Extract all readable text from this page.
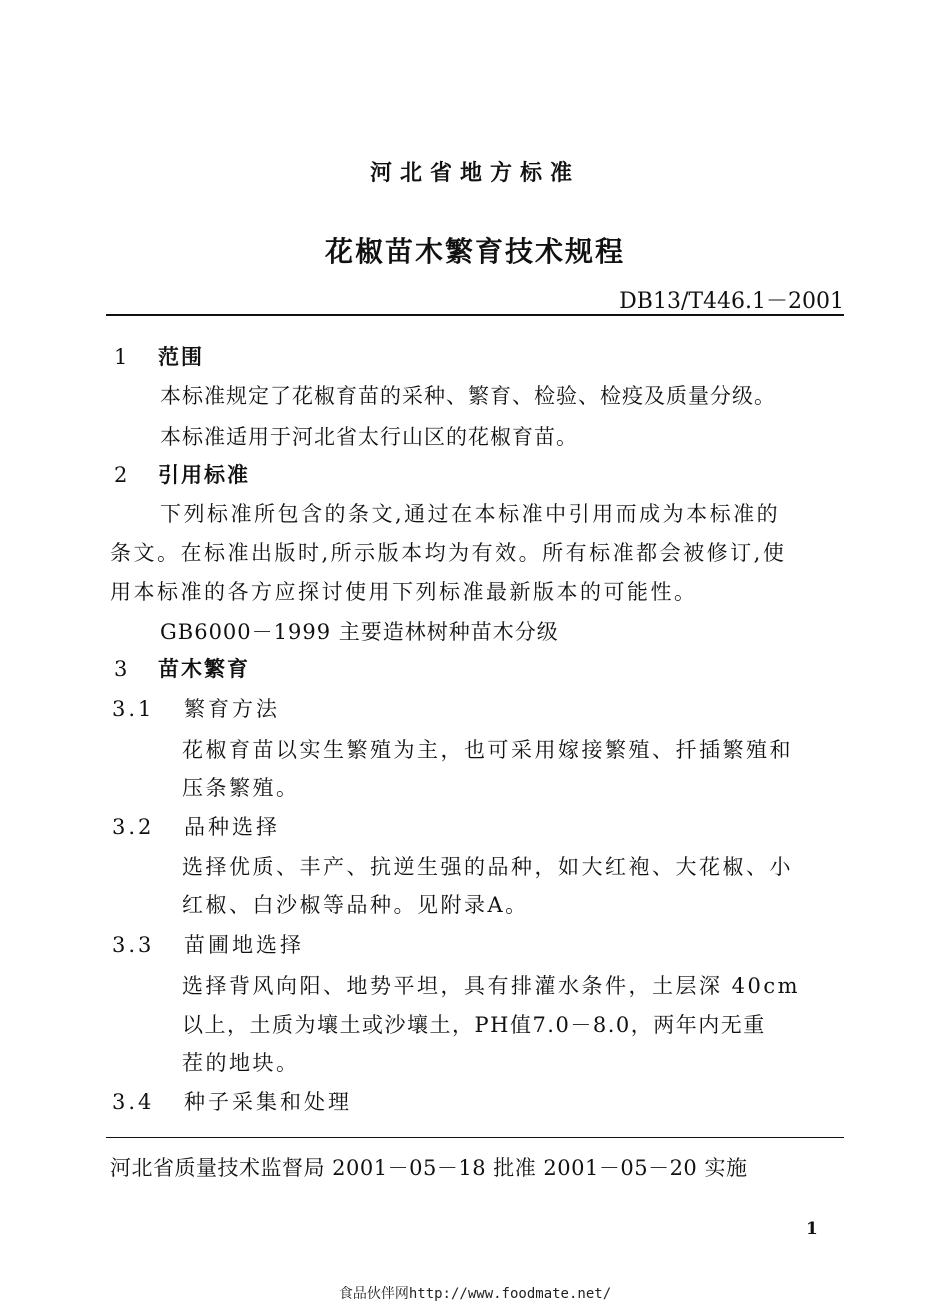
河北省地方标准
花椒苗木繁育技术规程
DB13/T446.1－2001
1 范围
本标准规定了花椒育苗的采种、繁育、检验、检疫及质量分级。
本标准适用于河北省太行山区的花椒育苗。
2 引用标准
下列标准所包含的条文,通过在本标准中引用而成为本标准的
条文。在标准出版时,所示版本均为有效。所有标准都会被修订,使
用本标准的各方应探讨使用下列标准最新版本的可能性。
GB6000－1999 主要造林树种苗木分级
3 苗木繁育
3.1 繁育方法
花椒育苗以实生繁殖为主，也可采用嫁接繁殖、扦插繁殖和
压条繁殖。
3.2 品种选择
选择优质、丰产、抗逆生强的品种，如大红袍、大花椒、小
红椒、白沙椒等品种。见附录A。
3.3 苗圃地选择
选择背风向阳、地势平坦，具有排灌水条件，土层深 40cm
以上，土质为壤土或沙壤土，PH值7.0－8.0，两年内无重
茬的地块。
3.4 种子采集和处理
河北省质量技术监督局 2001－05－18 批准 2001－05－20 实施
1
食品伙伴网http://www.foodmate.net/
